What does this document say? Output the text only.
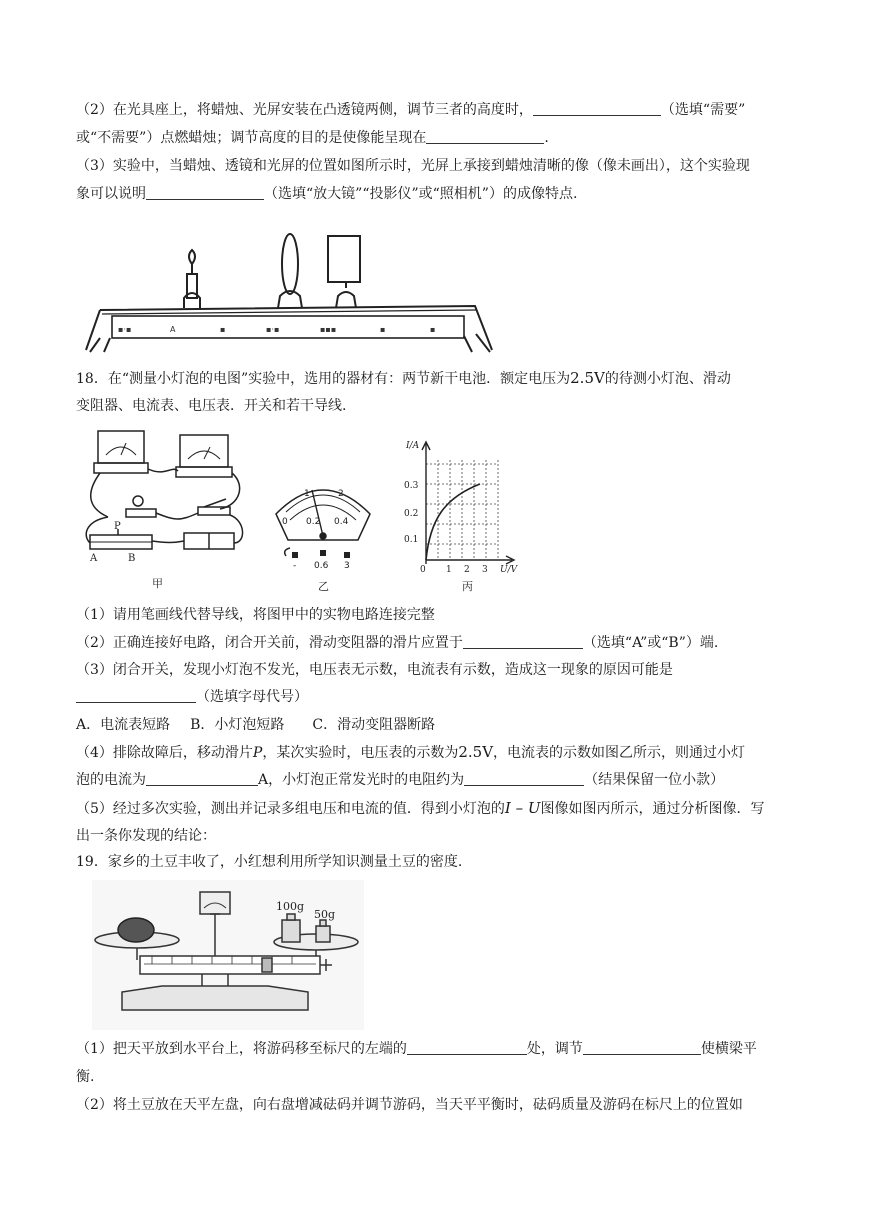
（2）在光具座上，将蜡烛、光屏安装在凸透镜两侧，调节三者的高度时，	（选填“需要”
或“不需要”）点燃蜡烛；调节高度的目的是使像能呈现在	.
（3）实验中，当蜡烛、透镜和光屏的位置如图所示时，光屏上承接到蜡烛清晰的像（像未画出），这个实验现
象可以说明	（选填“放大镜”“投影仪”或“照相机”）的成像特点.
▪·▪	A	▪	▪·▪	▪▪▪	▪	▪
18．在“测量小灯泡的电图”实验中，选用的器材有：两节新干电池．额定电压为2.5V的待测小灯泡、滑动
变阻器、电流表、电压表．开关和若干导线.
P
A	B
甲
1	2
0 0.2 0.4
- 0.6 3
乙
I/A
0.3
0.2
0.1
0 1 2 3 U/V
丙
（1）请用笔画线代替导线，将图甲中的实物电路连接完整
（2）正确连接好电路，闭合开关前，滑动变阻器的滑片应置于	（选填“A”或“B”）端.
（3）闭合开关，发现小灯泡不发光，电压表无示数，电流表有示数，造成这一现象的原因可能是
（选填字母代号）
A．电流表短路 B．小灯泡短路 C．滑动变阻器断路
（4）排除故障后，移动滑片P，某次实验时，电压表的示数为2.5V，电流表的示数如图乙所示，则通过小灯
泡的电流为	A，小灯泡正常发光时的电阻约为	（结果保留一位小款）
（5）经过多次实验，测出并记录多组电压和电流的值．得到小灯泡的I – U图像如图丙所示，通过分析图像．写
出一条你发现的结论：
19．家乡的土豆丰收了，小红想利用所学知识测量土豆的密度.
100g
50g
（1）把天平放到水平台上，将游码移至标尺的左端的	处，调节	使横梁平
衡.
（2）将土豆放在天平左盘，向右盘增减砝码并调节游码，当天平平衡时，砝码质量及游码在标尺上的位置如
